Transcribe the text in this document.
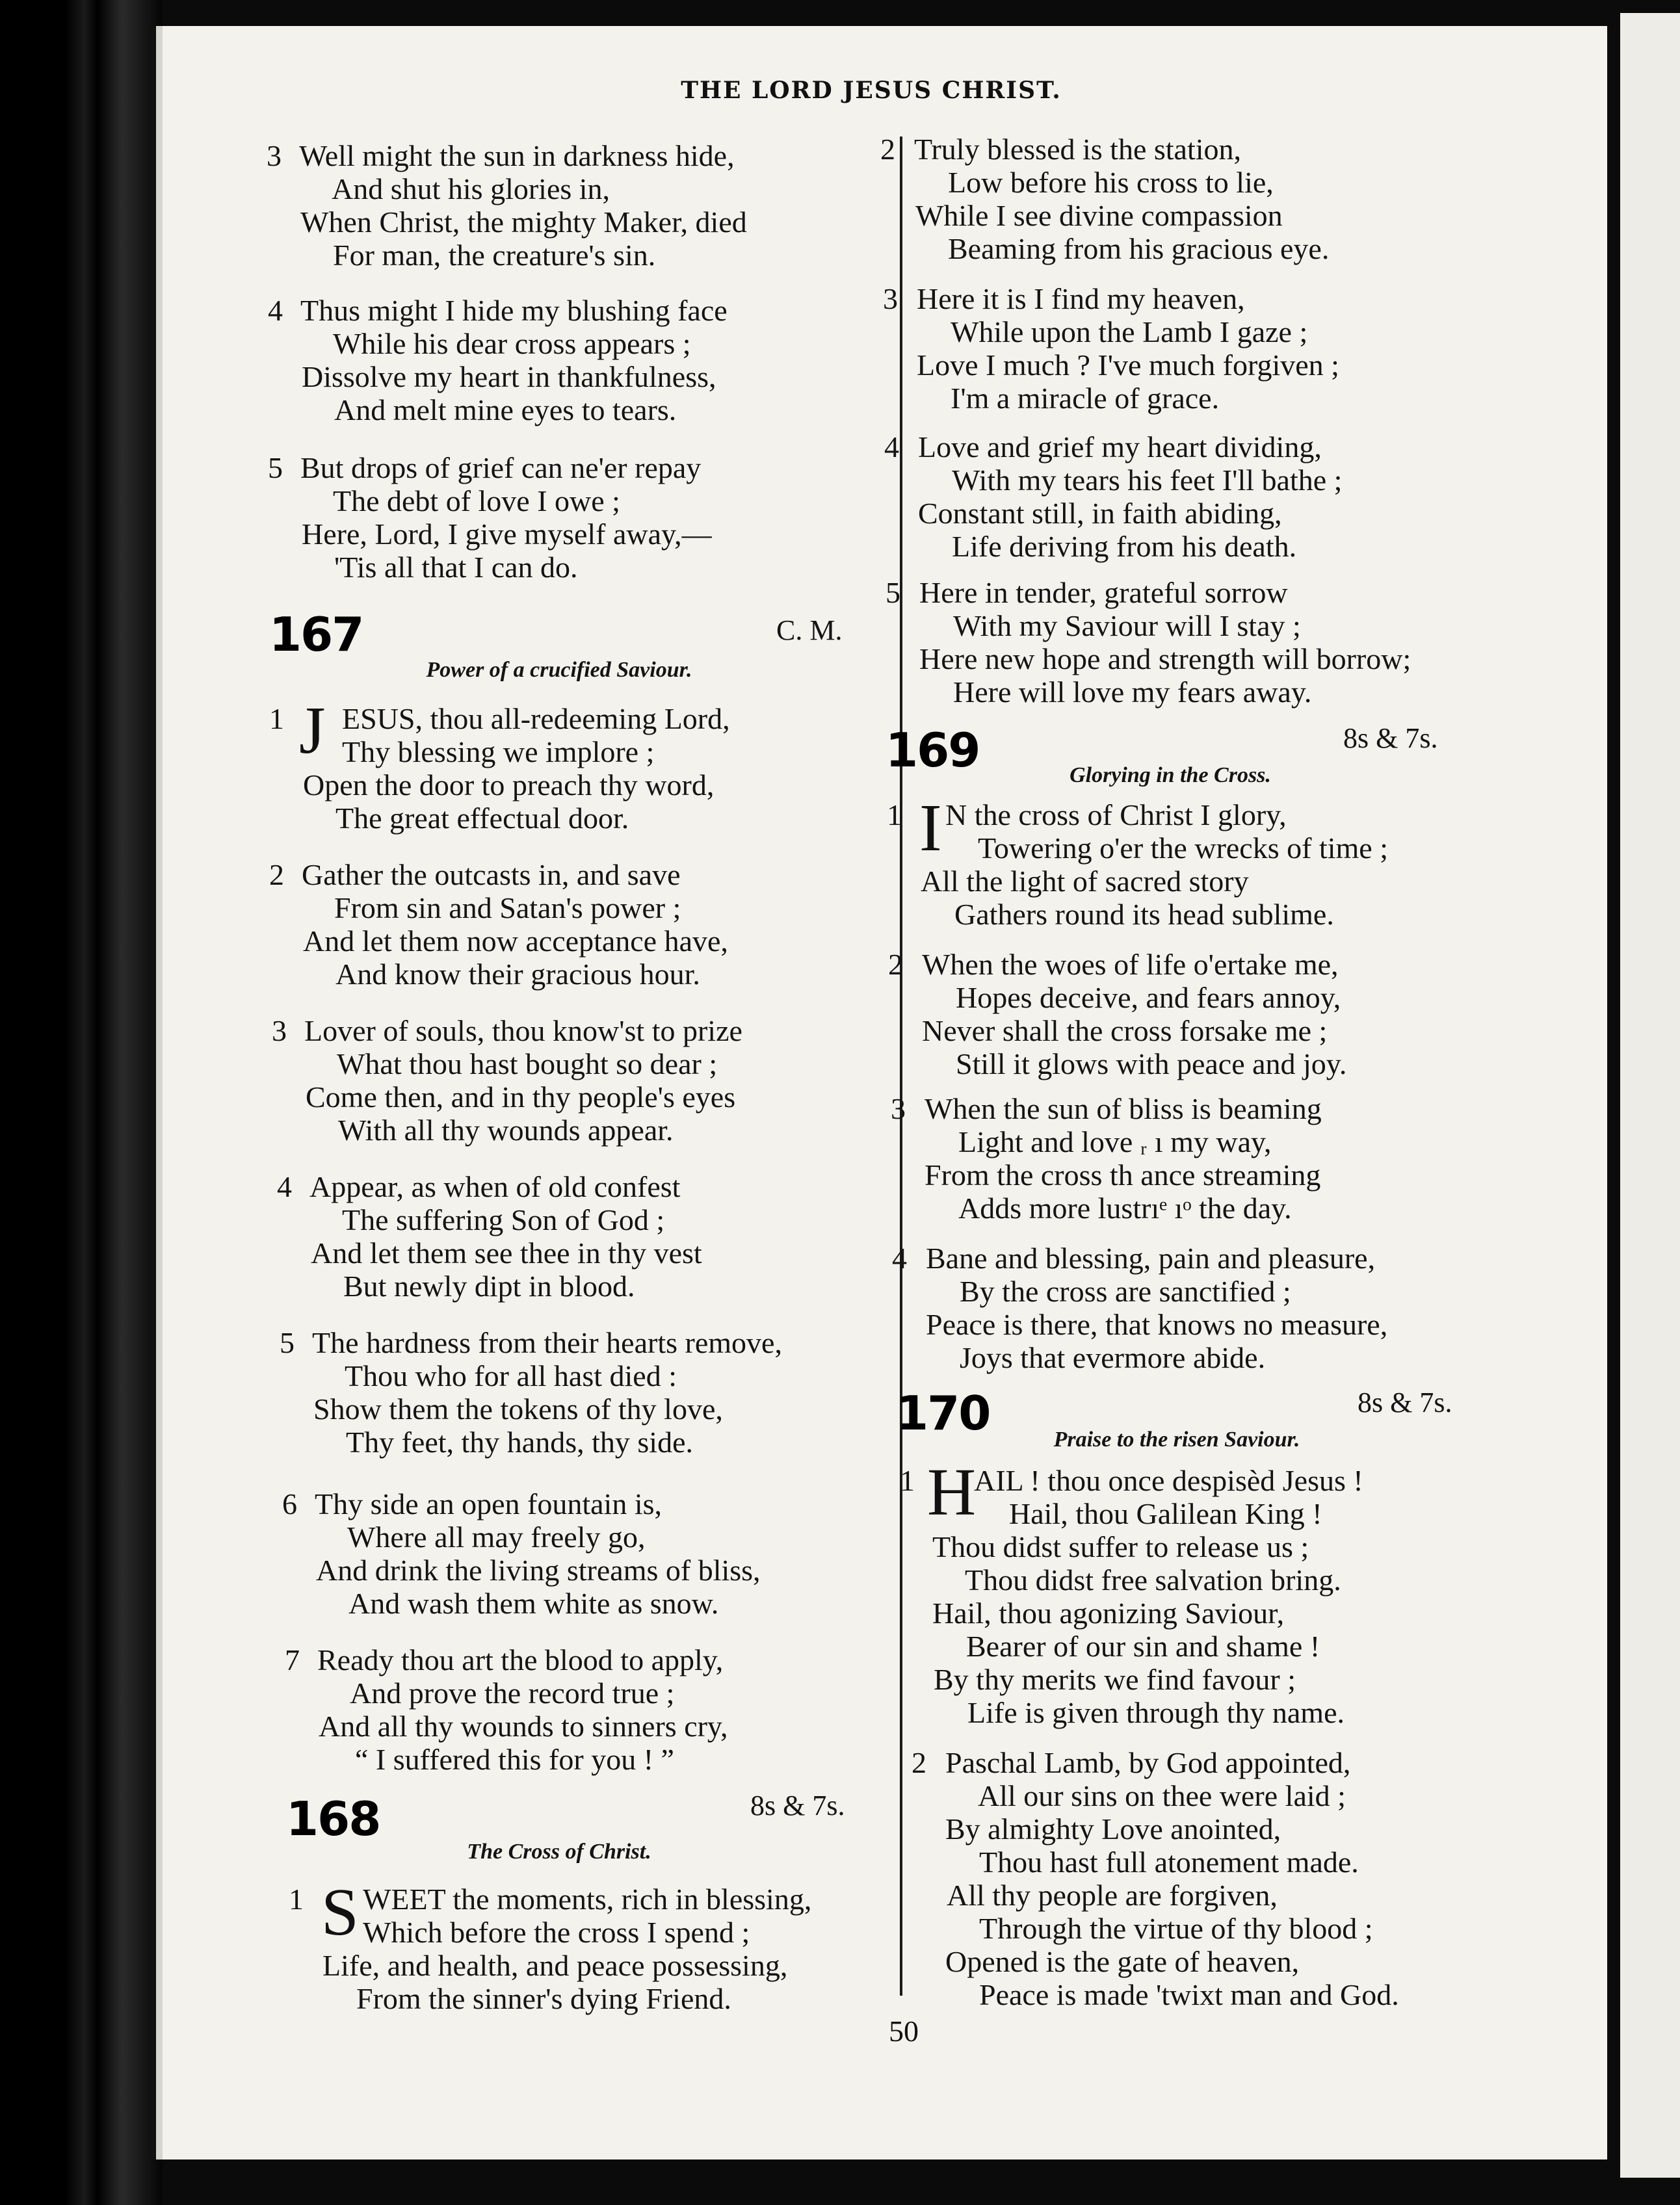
THE LORD JESUS CHRIST.
3 Well might the sun in darkness hide,
And shut his glories in,
When Christ, the mighty Maker, died
For man, the creature's sin.
4 Thus might I hide my blushing face
While his dear cross appears ;
Dissolve my heart in thankfulness,
And melt mine eyes to tears.
5 But drops of grief can ne'er repay
The debt of love I owe ;
Here, Lord, I give myself away,—
'Tis all that I can do.
167	C. M.
Power of a crucified Saviour.
J
1 ESUS, thou all-redeeming Lord,
Thy blessing we implore ;
Open the door to preach thy word,
The great effectual door.
2 Gather the outcasts in, and save
From sin and Satan's power ;
And let them now acceptance have,
And know their gracious hour.
3 Lover of souls, thou know'st to prize
What thou hast bought so dear ;
Come then, and in thy people's eyes
With all thy wounds appear.
4 Appear, as when of old confest
The suffering Son of God ;
And let them see thee in thy vest
But newly dipt in blood.
5 The hardness from their hearts remove,
Thou who for all hast died :
Show them the tokens of thy love,
Thy feet, thy hands, thy side.
6 Thy side an open fountain is,
Where all may freely go,
And drink the living streams of bliss,
And wash them white as snow.
7 Ready thou art the blood to apply,
And prove the record true ;
And all thy wounds to sinners cry,
“ I suffered this for you ! ”
168	8s & 7s.
The Cross of Christ.
S
1 WEET the moments, rich in blessing,
Which before the cross I spend ;
Life, and health, and peace possessing,
From the sinner's dying Friend.
2 Truly blessed is the station,
Low before his cross to lie,
While I see divine compassion
Beaming from his gracious eye.
3 Here it is I find my heaven,
While upon the Lamb I gaze ;
Love I much ? I've much forgiven ;
I'm a miracle of grace.
4 Love and grief my heart dividing,
With my tears his feet I'll bathe ;
Constant still, in faith abiding,
Life deriving from his death.
5 Here in tender, grateful sorrow
With my Saviour will I stay ;
Here new hope and strength will borrow;
Here will love my fears away.
169	8s & 7s.
Glorying in the Cross.
I
1 N the cross of Christ I glory,
Towering o'er the wrecks of time ;
All the light of sacred story
Gathers round its head sublime.
2 When the woes of life o'ertake me,
Hopes deceive, and fears annoy,
Never shall the cross forsake me ;
Still it glows with peace and joy.
3 When the sun of bliss is beaming
Light and love ᵣ ı my way,
From the cross th ance streaming
Adds more lustrıᵉ ıᵒ the day.
4 Bane and blessing, pain and pleasure,
By the cross are sanctified ;
Peace is there, that knows no measure,
Joys that evermore abide.
170	8s & 7s.
Praise to the risen Saviour.
H
1 AIL ! thou once despisèd Jesus !
Hail, thou Galilean King !
Thou didst suffer to release us ;
Thou didst free salvation bring.
Hail, thou agonizing Saviour,
Bearer of our sin and shame !
By thy merits we find favour ;
Life is given through thy name.
2 Paschal Lamb, by God appointed,
All our sins on thee were laid ;
By almighty Love anointed,
Thou hast full atonement made.
All thy people are forgiven,
Through the virtue of thy blood ;
Opened is the gate of heaven,
Peace is made 'twixt man and God.
50
